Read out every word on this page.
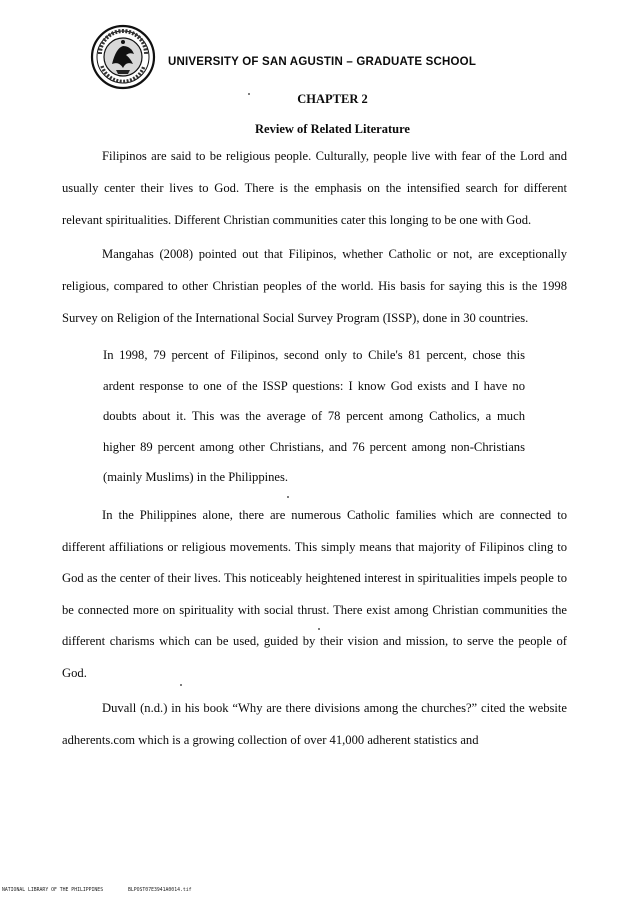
UNIVERSITY OF SAN AGUSTIN – GRADUATE SCHOOL
CHAPTER 2
Review of Related Literature
Filipinos are said to be religious people. Culturally, people live with fear of the Lord and usually center their lives to God. There is the emphasis on the intensified search for different relevant spiritualities. Different Christian communities cater this longing to be one with God.
Mangahas (2008) pointed out that Filipinos, whether Catholic or not, are exceptionally religious, compared to other Christian peoples of the world. His basis for saying this is the 1998 Survey on Religion of the International Social Survey Program (ISSP), done in 30 countries.
In 1998, 79 percent of Filipinos, second only to Chile's 81 percent, chose this ardent response to one of the ISSP questions: I know God exists and I have no doubts about it. This was the average of 78 percent among Catholics, a much higher 89 percent among other Christians, and 76 percent among non-Christians (mainly Muslims) in the Philippines.
In the Philippines alone, there are numerous Catholic families which are connected to different affiliations or religious movements. This simply means that majority of Filipinos cling to God as the center of their lives. This noticeably heightened interest in spiritualities impels people to be connected more on spirituality with social thrust. There exist among Christian communities the different charisms which can be used, guided by their vision and mission, to serve the people of God.
Duvall (n.d.) in his book “Why are there divisions among the churches?” cited the website adherents.com which is a growing collection of over 41,000 adherent statistics and
NATIONAL LIBRARY OF THE PHILIPPINES	BLPOST07E3941A0014.tif
